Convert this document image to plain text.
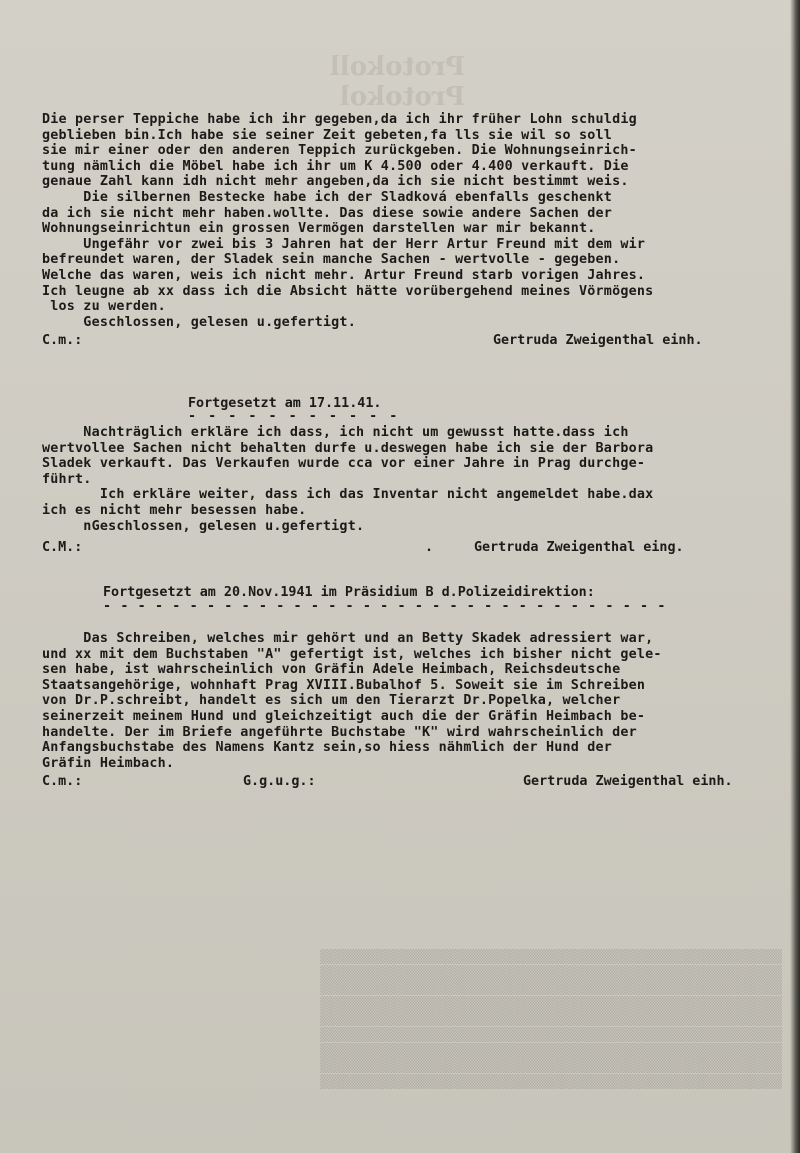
Protokoll
Protokol
▒▒▒▒▒▒▒▒▒▒▒▒▒▒▒▒▒▒▒▒▒▒▒▒▒▒▒▒▒▒▒▒▒▒▒▒▒▒▒▒▒▒▒▒▒▒▒▒▒▒▒▒▒▒▒▒▒▒▒
▒▒▒▒▒▒▒▒▒▒▒▒▒▒▒▒▒▒▒▒▒▒▒▒▒▒▒▒▒▒▒▒▒▒▒▒▒▒▒▒▒▒▒▒▒▒▒▒▒▒▒▒▒▒▒▒▒▒▒
▒▒▒▒▒▒▒▒▒▒▒▒▒▒▒▒▒▒▒▒▒▒▒▒▒▒▒▒▒▒▒▒▒▒▒▒▒▒▒▒▒▒▒▒▒▒▒▒▒▒▒▒▒▒▒▒▒▒▒
▒▒▒▒▒▒▒▒▒▒▒▒▒▒▒▒▒▒▒▒▒▒▒▒▒▒▒▒▒▒▒▒▒▒▒▒▒▒▒▒▒▒▒▒▒▒▒▒▒▒▒▒▒▒▒▒▒▒▒
▒▒▒▒▒▒▒▒▒▒▒▒▒▒▒▒▒▒▒▒▒▒▒▒▒▒▒▒▒▒▒▒▒▒▒▒▒▒▒▒▒▒▒▒▒▒▒▒▒▒▒▒▒▒▒▒▒▒▒
▒▒▒▒▒▒▒▒▒▒▒▒▒▒▒▒▒▒▒▒▒▒▒▒▒▒▒▒▒▒▒▒▒▒▒▒▒▒▒▒▒▒▒▒▒▒▒▒▒▒▒▒▒▒▒▒▒▒▒
▒▒▒▒▒▒▒▒▒▒▒▒▒▒▒▒▒▒▒▒▒▒▒▒▒▒▒▒▒▒▒▒▒▒▒▒▒▒▒▒▒▒▒▒▒▒▒▒▒▒▒▒▒▒▒▒▒▒▒
▒▒▒▒▒▒▒▒▒▒▒▒▒▒▒▒▒▒▒▒▒▒▒▒▒▒▒▒▒▒▒▒▒▒▒▒▒▒▒▒▒▒▒▒▒▒▒▒▒▒▒▒▒▒▒▒▒▒▒
▒▒▒▒▒▒▒▒▒▒▒▒▒▒▒▒▒▒▒▒▒▒▒▒▒▒▒▒▒▒▒▒▒▒▒▒▒▒▒▒▒▒▒▒▒▒▒▒▒▒▒▒▒▒▒▒▒▒▒
Die perser Teppiche habe ich ihr gegeben,da ich ihr früher Lohn schuldig
geblieben bin.Ich habe sie seiner Zeit gebeten,fa lls sie wil so soll
sie mir einer oder den anderen Teppich zurückgeben. Die Wohnungseinrich-
tung nämlich die Möbel habe ich ihr um K 4.500 oder 4.400 verkauft. Die
genaue Zahl kann idh nicht mehr angeben,da ich sie nicht bestimmt weis.
Die silbernen Bestecke habe ich der Sladková ebenfalls geschenkt
da ich sie nicht mehr haben.wollte. Das diese sowie andere Sachen der
Wohnungseinrichtun ein grossen Vermögen darstellen war mir bekannt.
Ungefähr vor zwei bis 3 Jahren hat der Herr Artur Freund mit dem wir
befreundet waren, der Sladek sein manche Sachen - wertvolle - gegeben.
Welche das waren, weis ich nicht mehr. Artur Freund starb vorigen Jahres.
Ich leugne ab xx dass ich die Absicht hätte vorübergehend meines Vörmögens
los zu werden.
Geschlossen, gelesen u.gefertigt.
C.m.:	Gertruda Zweigenthal einh.
Fortgesetzt am 17.11.41.
- - - - - - - - - - -
Nachträglich erkläre ich dass, ich nicht um gewusst hatte.dass ich
wertvollee Sachen nicht behalten durfe u.deswegen habe ich sie der Barbora
Sladek verkauft. Das Verkaufen wurde cca vor einer Jahre in Prag durchge-
führt.
Ich erkläre weiter, dass ich das Inventar nicht angemeldet habe.dax
ich es nicht mehr besessen habe.
nGeschlossen, gelesen u.gefertigt.
C.M.:	.	Gertruda Zweigenthal eing.
Fortgesetzt am 20.Nov.1941 im Präsidium B d.Polizeidirektion:
- - - - - - - - - - - - - - - - - - - - - - - - - - - - - - - - -
Das Schreiben, welches mir gehört und an Betty Skadek adressiert war,
und xx mit dem Buchstaben "A" gefertigt ist, welches ich bisher nicht gele-
sen habe, ist wahrscheinlich von Gräfin Adele Heimbach, Reichsdeutsche
Staatsangehörige, wohnhaft Prag XVIII.Bubalhof 5. Soweit sie im Schreiben
von Dr.P.schreibt, handelt es sich um den Tierarzt Dr.Popelka, welcher
seinerzeit meinem Hund und gleichzeitigt auch die der Gräfin Heimbach be-
handelte. Der im Briefe angeführte Buchstabe "K" wird wahrscheinlich der
Anfangsbuchstabe des Namens Kantz sein,so hiess nähmlich der Hund der
Gräfin Heimbach.
C.m.:	G.g.u.g.:	Gertruda Zweigenthal einh.
